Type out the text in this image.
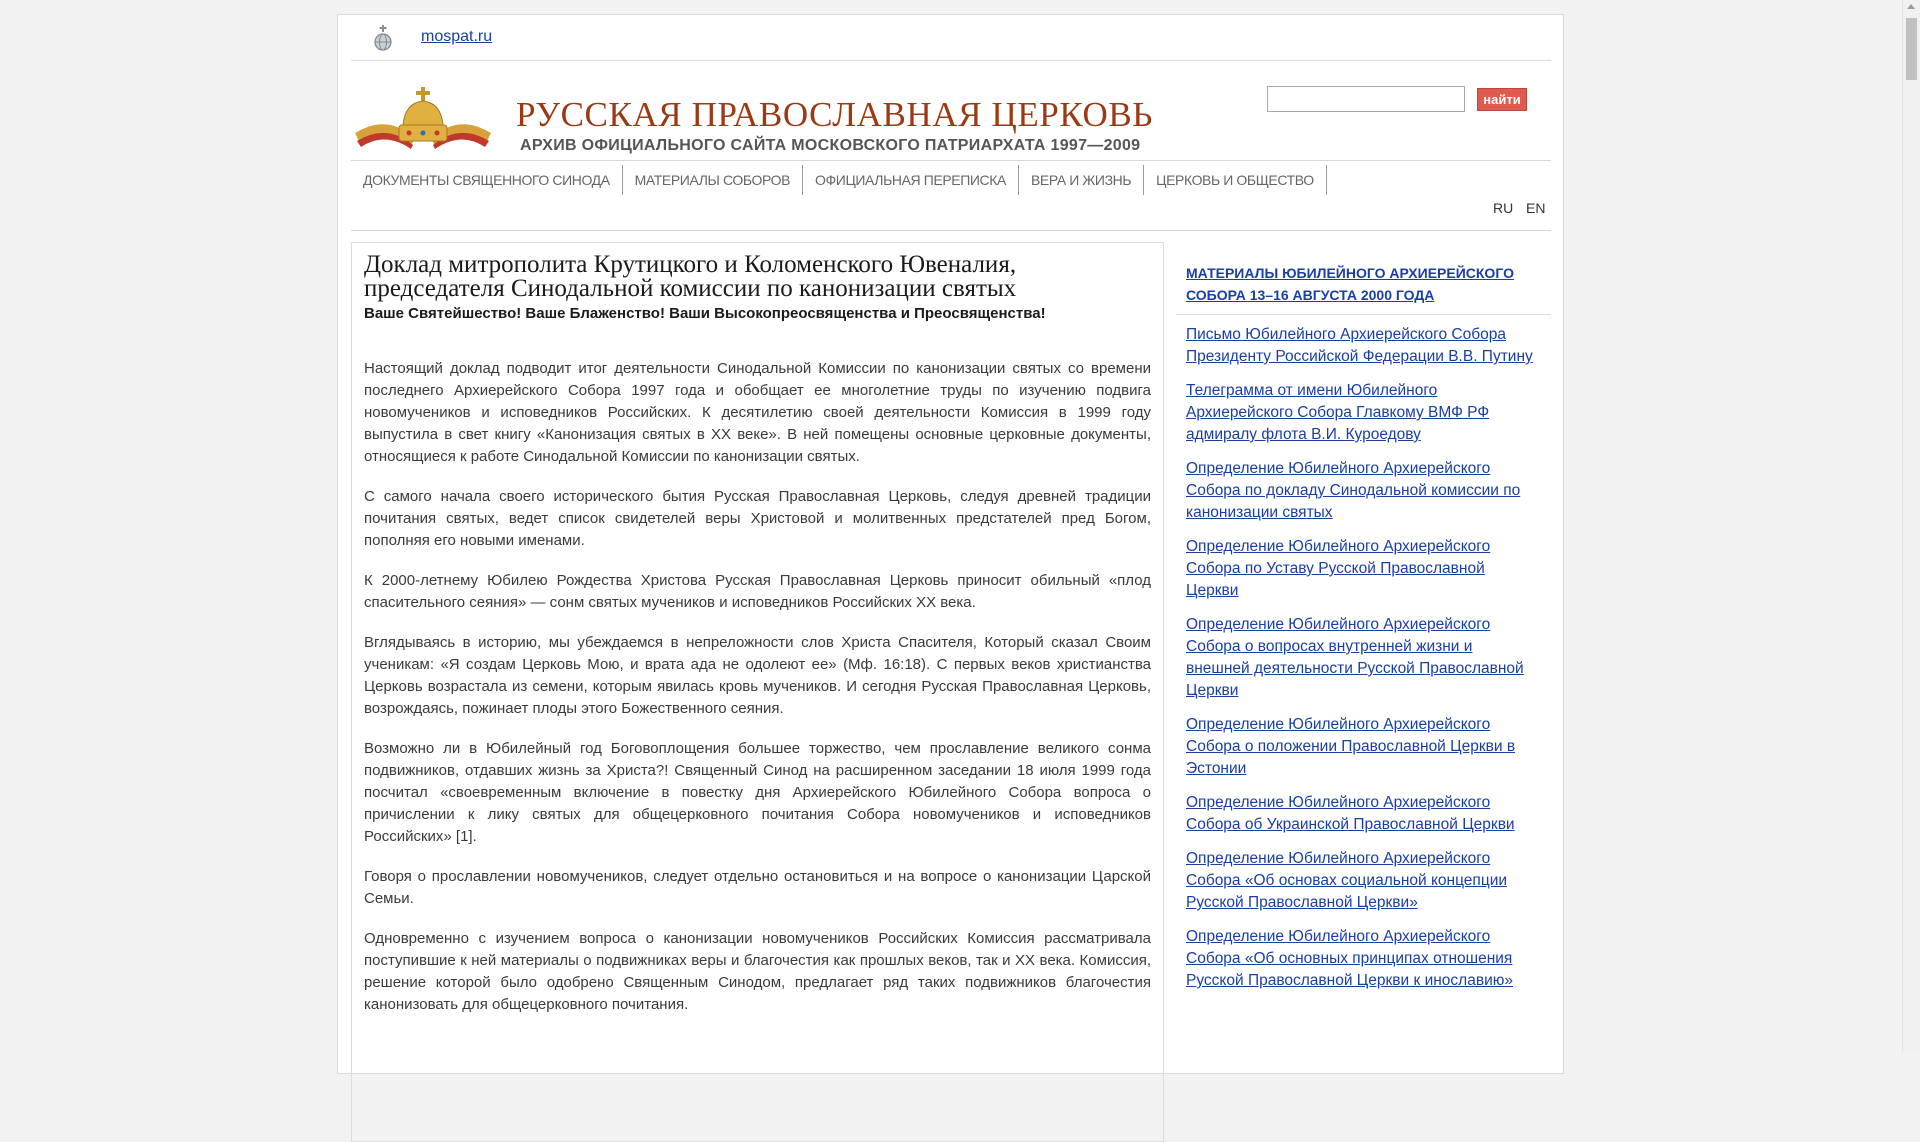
mospat.ru
РУССКАЯ ПРАВОСЛАВНАЯ ЦЕРКОВЬ
АРХИВ ОФИЦИАЛЬНОГО САЙТА МОСКОВСКОГО ПАТРИАРХАТА 1997—2009
найти
ДОКУМЕНТЫ СВЯЩЕННОГО СИНОДА	МАТЕРИАЛЫ СОБОРОВ	ОФИЦИАЛЬНАЯ ПЕРЕПИСКА	ВЕРА И ЖИЗНЬ	ЦЕРКОВЬ И ОБЩЕСТВО
RU EN
Доклад митрополита Крутицкого и Коломенского Ювеналия, председателя Синодальной комиссии по канонизации святых
Ваше Святейшество! Ваше Блаженство! Ваши Высокопреосвященства и Преосвященства!

Настоящий доклад подводит итог деятельности Синодальной Комиссии по канонизации святых со времени последнего Архиерейского Собора 1997 года и обобщает ее многолетние труды по изучению подвига новомучеников и исповедников Российских. К десятилетию своей деятельности Комиссия в 1999 году выпустила в свет книгу «Канонизация святых в XX веке». В ней помещены основные церковные документы, относящиеся к работе Синодальной Комиссии по канонизации святых.

С самого начала своего исторического бытия Русская Православная Церковь, следуя древней традиции почитания святых, ведет список свидетелей веры Христовой и молитвенных предстателей пред Богом, пополняя его новыми именами.

К 2000-летнему Юбилею Рождества Христова Русская Православная Церковь приносит обильный «плод спасительного сеяния» — сонм святых мучеников и исповедников Российских XX века.

Вглядываясь в историю, мы убеждаемся в непреложности слов Христа Спасителя, Который сказал Своим ученикам: «Я создам Церковь Мою, и врата ада не одолеют ее» (Мф. 16:18). С первых веков христианства Церковь возрастала из семени, которым явилась кровь мучеников. И сегодня Русская Православная Церковь, возрождаясь, пожинает плоды этого Божественного сеяния.

Возможно ли в Юбилейный год Боговоплощения большее торжество, чем прославление великого сонма подвижников, отдавших жизнь за Христа?! Священный Синод на расширенном заседании 18 июля 1999 года посчитал «своевременным включение в повестку дня Архиерейского Юбилейного Собора вопроса о причислении к лику святых для общецерковного почитания Собора новомучеников и исповедников Российских» [1].

Говоря о прославлении новомучеников, следует отдельно остановиться и на вопросе о канонизации Царской Семьи.

Одновременно с изучением вопроса о канонизации новомучеников Российских Комиссия рассматривала поступившие к ней материалы о подвижниках веры и благочестия как прошлых веков, так и XX века. Комиссия, решение которой было одобрено Священным Синодом, предлагает ряд таких подвижников благочестия канонизовать для общецерковного почитания.

МАТЕРИАЛЫ ЮБИЛЕЙНОГО АРХИЕРЕЙСКОГО СОБОРА 13–16 АВГУСТА 2000 ГОДА
Письмо Юбилейного Архиерейского Собора Президенту Российской Федерации В.В. Путину
Телеграмма от имени Юбилейного Архиерейского Собора Главкому ВМФ РФ адмиралу флота В.И. Куроедову
Определение Юбилейного Архиерейского Собора по докладу Синодальной комиссии по канонизации святых
Определение Юбилейного Архиерейского Собора по Уставу Русской Православной Церкви
Определение Юбилейного Архиерейского Собора о вопросах внутренней жизни и внешней деятельности Русской Православной Церкви
Определение Юбилейного Архиерейского Собора о положении Православной Церкви в Эстонии
Определение Юбилейного Архиерейского Собора об Украинской Православной Церкви
Определение Юбилейного Архиерейского Собора «Об основах социальной концепции Русской Православной Церкви»
Определение Юбилейного Архиерейского Собора «Об основных принципах отношения Русской Православной Церкви к инославию»
